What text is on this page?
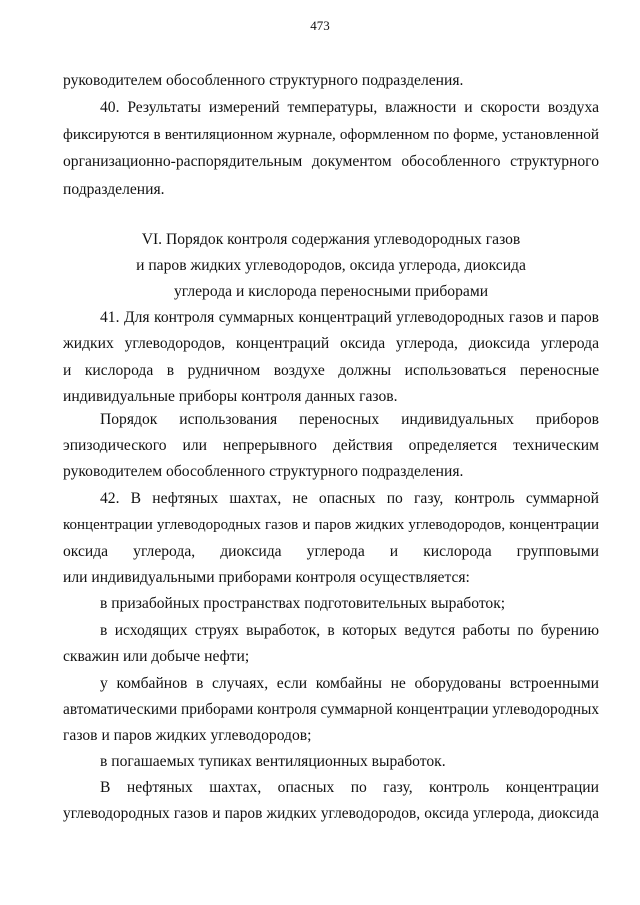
473
руководителем обособленного структурного подразделения.
40. Результаты измерений температуры, влажности и скорости воздуха
фиксируются в вентиляционном журнале, оформленном по форме, установленной
организационно-распорядительным документом обособленного структурного
подразделения.
VI. Порядок контроля содержания углеводородных газов
и паров жидких углеводородов, оксида углерода, диоксида
углерода и кислорода переносными приборами
41. Для контроля суммарных концентраций углеводородных газов и паров
жидких углеводородов, концентраций оксида углерода, диоксида углерода
и кислорода в рудничном воздухе должны использоваться переносные
индивидуальные приборы контроля данных газов.
Порядок использования переносных индивидуальных приборов
эпизодического или непрерывного действия определяется техническим
руководителем обособленного структурного подразделения.
42. В нефтяных шахтах, не опасных по газу, контроль суммарной
концентрации углеводородных газов и паров жидких углеводородов, концентрации
оксида углерода, диоксида углерода и кислорода групповыми
или индивидуальными приборами контроля осуществляется:
в призабойных пространствах подготовительных выработок;
в исходящих струях выработок, в которых ведутся работы по бурению
скважин или добыче нефти;
у комбайнов в случаях, если комбайны не оборудованы встроенными
автоматическими приборами контроля суммарной концентрации углеводородных
газов и паров жидких углеводородов;
в погашаемых тупиках вентиляционных выработок.
В нефтяных шахтах, опасных по газу, контроль концентрации
углеводородных газов и паров жидких углеводородов, оксида углерода, диоксида
